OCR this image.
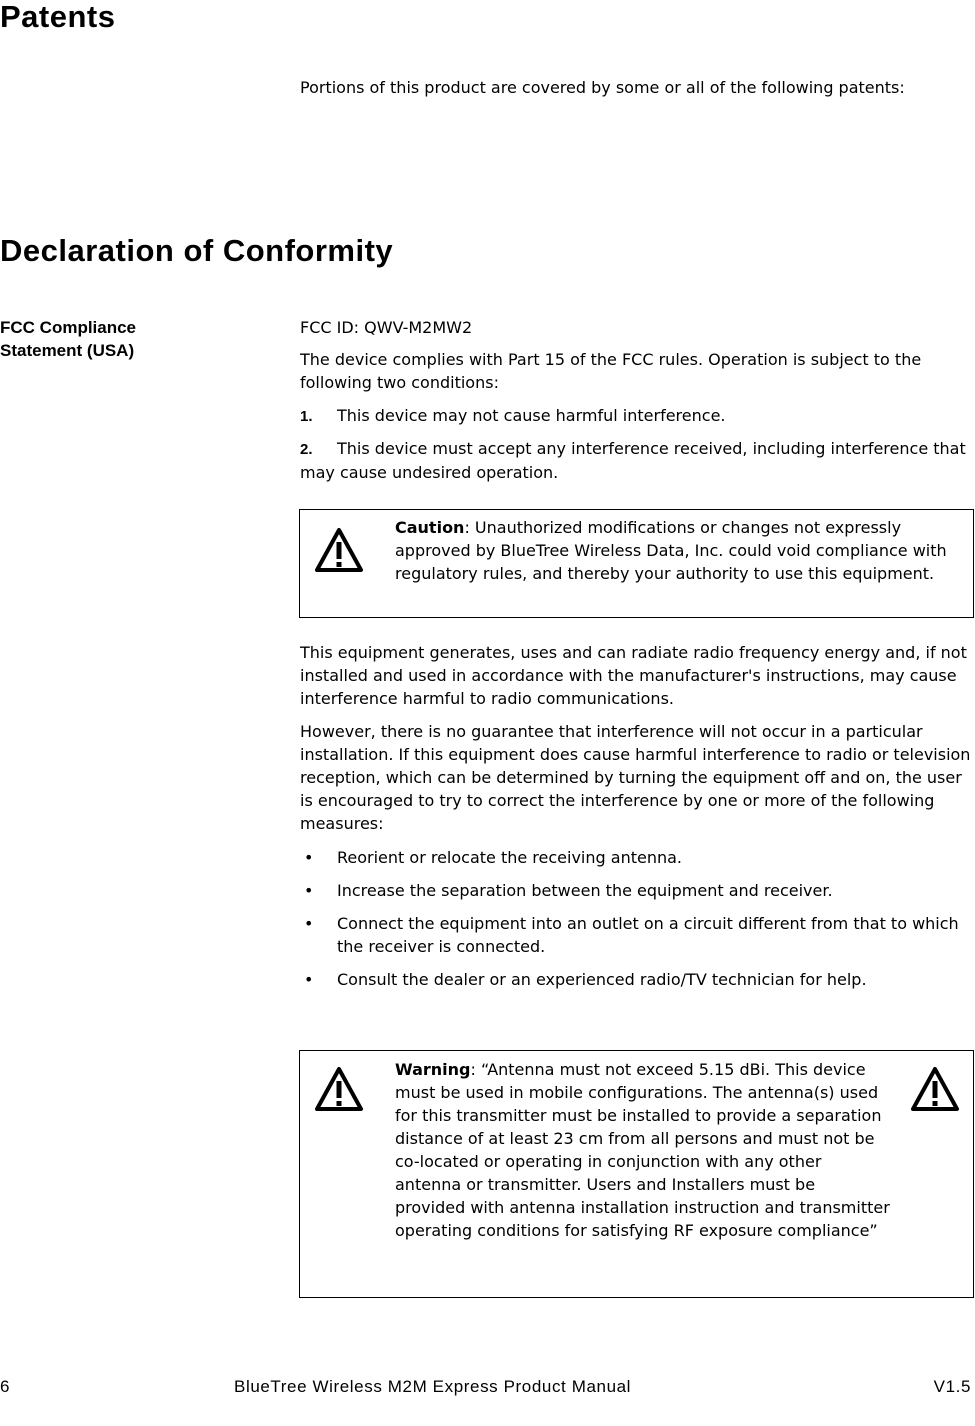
Patents

Portions of this product are covered by some or all of the following patents:

Declaration of Conformity
FCC Compliance Statement (USA)

FCC ID: QWV-M2MW2

The device complies with Part 15 of the FCC rules. Operation is subject to the following two conditions:

1. This device may not cause harmful interference.

2. This device must accept any interference received, including interference that may cause undesired operation.

Caution: Unauthorized modifications or changes not expressly approved by BlueTree Wireless Data, Inc. could void compliance with regulatory rules, and thereby your authority to use this equipment.

This equipment generates, uses and can radiate radio frequency energy and, if not installed and used in accordance with the manufacturer's instructions, may cause interference harmful to radio communications.

However, there is no guarantee that interference will not occur in a particular installation. If this equipment does cause harmful interference to radio or television reception, which can be determined by turning the equipment off and on, the user is encouraged to try to correct the interference by one or more of the following measures:

• Reorient or relocate the receiving antenna.
• Increase the separation between the equipment and receiver.
• Connect the equipment into an outlet on a circuit different from that to which the receiver is connected.
• Consult the dealer or an experienced radio/TV technician for help.
Warning: “Antenna must not exceed 5.15 dBi. This device must be used in mobile configurations. The antenna(s) used for this transmitter must be installed to provide a separation distance of at least 23 cm from all persons and must not be co-located or operating in conjunction with any other antenna or transmitter. Users and Installers must be provided with antenna installation instruction and transmitter operating conditions for satisfying RF exposure compliance”
6	BlueTree Wireless M2M Express Product Manual	V1.5
